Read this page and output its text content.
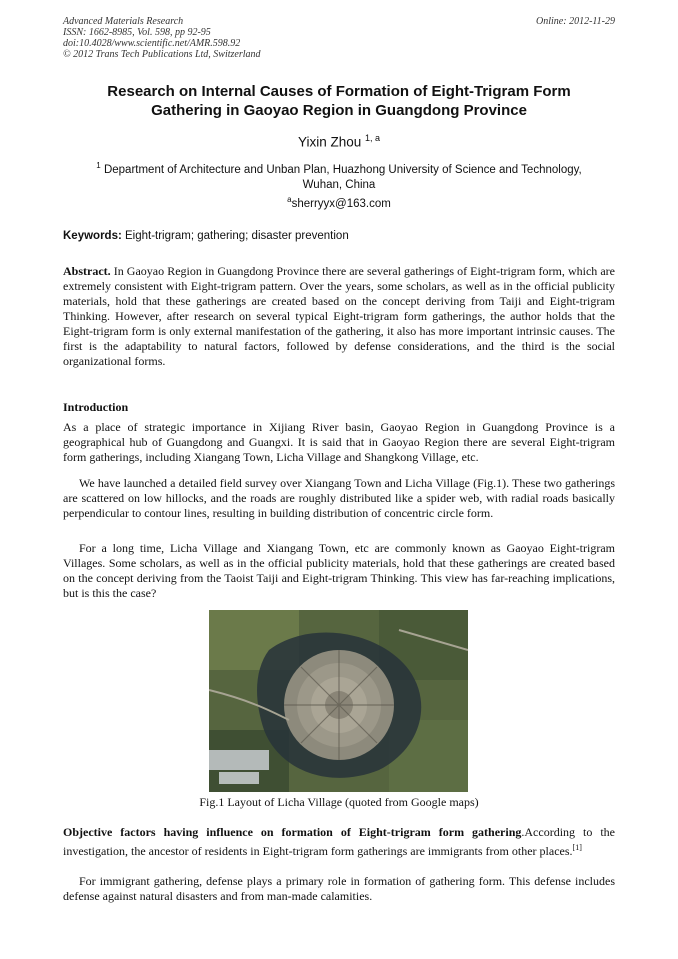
Advanced Materials Research
ISSN: 1662-8985, Vol. 598, pp 92-95
doi:10.4028/www.scientific.net/AMR.598.92
© 2012 Trans Tech Publications Ltd, Switzerland
Online: 2012-11-29
Research on Internal Causes of Formation of Eight-Trigram Form
Gathering in Gaoyao Region in Guangdong Province
Yixin Zhou $^{1, a}$
$^1$ Department of Architecture and Unban Plan, Huazhong University of Science and Technology,
Wuhan, China
$^a$sherryyx@163.com
Keywords: Eight-trigram; gathering; disaster prevention
Abstract. In Gaoyao Region in Guangdong Province there are several gatherings of Eight-trigram form, which are extremely consistent with Eight-trigram pattern. Over the years, some scholars, as well as in the official publicity materials, hold that these gatherings are created based on the concept deriving from Taiji and Eight-trigram Thinking. However, after research on several typical Eight-trigram form gatherings, the author holds that the Eight-trigram form is only external manifestation of the gathering, it also has more important intrinsic causes. The first is the adaptability to natural factors, followed by defense considerations, and the third is the social organizational forms.
Introduction
As a place of strategic importance in Xijiang River basin, Gaoyao Region in Guangdong Province is a geographical hub of Guangdong and Guangxi. It is said that in Gaoyao Region there are several Eight-trigram form gatherings, including Xiangang Town, Licha Village and Shangkong Village, etc.
We have launched a detailed field survey over Xiangang Town and Licha Village (Fig.1). These two gatherings are scattered on low hillocks, and the roads are roughly distributed like a spider web, with radial roads basically perpendicular to contour lines, resulting in building distribution of concentric circle form.
For a long time, Licha Village and Xiangang Town, etc are commonly known as Gaoyao Eight-trigram Villages. Some scholars, as well as in the official publicity materials, hold that these gatherings are created based on the concept deriving from the Taoist Taiji and Eight-trigram Thinking. This view has far-reaching implications, but is this the case?
Fig.1 Layout of Licha Village (quoted from Google maps)
Objective factors having influence on formation of Eight-trigram form gathering.According to the investigation, the ancestor of residents in Eight-trigram form gatherings are immigrants from other places.[1]
For immigrant gathering, defense plays a primary role in formation of gathering form. This defense includes defense against natural disasters and from man-made calamities.
